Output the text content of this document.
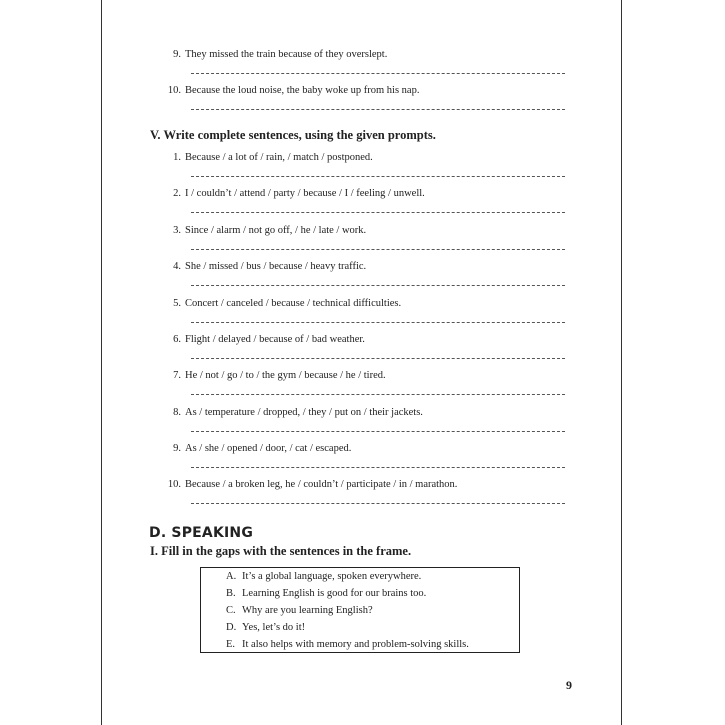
9. They missed the train because of they overslept.
10. Because the loud noise, the baby woke up from his nap.
V. Write complete sentences, using the given prompts.
1. Because / a lot of / rain, / match / postponed.
2. I / couldn’t / attend / party / because / I / feeling / unwell.
3. Since / alarm / not go off, / he / late / work.
4. She / missed / bus / because / heavy traffic.
5. Concert / canceled / because / technical difficulties.
6. Flight / delayed / because of / bad weather.
7. He / not / go / to / the gym / because / he / tired.
8. As / temperature / dropped, / they / put on / their jackets.
9. As / she / opened / door, / cat / escaped.
10. Because / a broken leg, he / couldn’t / participate / in / marathon.
D. SPEAKING
I. Fill in the gaps with the sentences in the frame.
A. It’s a global language, spoken everywhere.
B. Learning English is good for our brains too.
C. Why are you learning English?
D. Yes, let’s do it!
E. It also helps with memory and problem-solving skills.
9
